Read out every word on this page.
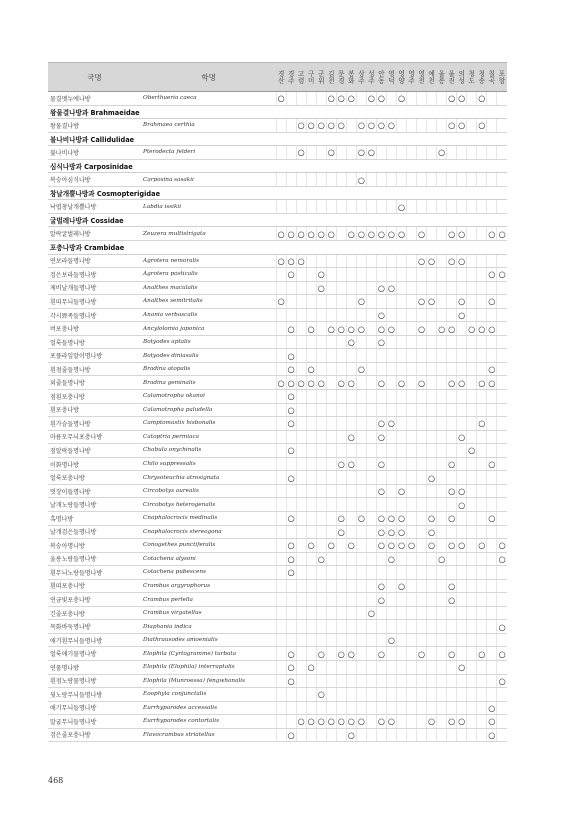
국명	학명	경산	경주	고령	구미	군위	김천	문경	봉화	상주	성주	안동	영덕	영양	영주	영천	예천	울릉	울진	의성	청도	청송	칠곡	포항
물결멧누에나방	Oberthueria caeca	○					○	○	○		○	○		○					○	○		○		
왕물결나방과 Brahmaeidae																								
왕물결나방	Brahmaea certhia			○	○	○	○	○		○	○	○	○						○	○		○		
불나비나방과 Callidulidae																								
불나비나방	Pterodecta felderi			○			○			○	○							○						
심식나방과 Carposinidae																								
복숭아심식나방	Carposina sasakii									○														
창날개뿔나방과 Cosmopterigidae																								
낙엽창날개뿔나방	Labdia issikii													○										
굴벌레나방과 Cossidae																								
알락굴벌레나방	Zeuzera multistrigata	○	○	○	○	○	○		○	○	○	○	○	○		○			○	○			○	○
포충나방과 Crambidae																								
연보라들명나방	Agrotera nemoralis	○	○	○												○	○		○	○				
검은보라들명나방	Agrotera posticalis		○			○																	○	○
제비날개들명나방	Analthes maculalis					○						○	○											
흰띠무늬들명나방	Analthes semitritalis	○								○						○	○			○			○	
각시뾰족들명나방	Anania verbascalis											○								○				
버포충나방	Ancylolomia japonica		○		○		○	○	○	○		○	○			○		○	○		○	○	○	
얼룩들명나방	Botyodes aptalis								○			○												
포플라잎말이명나방	Botyodes diniasalis		○																					
흰점줄들명나방	Bradina atopalis		○		○					○													○	
외줄들명나방	Bradina geminalis	○	○	○	○	○		○	○			○		○		○			○	○		○	○	
점흰포충나방	Calamotropha okanoi		○																					
흰포충나방	Calamotropha paludella		○																					
흰가슴들명나방	Camptomastix hisbonalis		○									○	○									○		
마름모무늬포충나방	Catoptria permiaca								○			○								○				
점알락들명나방	Chabula onychinalis		○																		○			
이화명나방	Chilo suppressalis							○	○			○							○				○	
얼룩포충나방	Chrysoteuchia atrosignata		○														○							
멋장이들명나방	Circobotys aurealis											○		○					○	○				
날개노랑들명나방	Circobotys heterogenalis																			○				
혹명나방	Cnaphalocrocis medinalis		○					○		○		○	○	○			○		○				○	
날개검은들명나방	Cnaphalocrocis stereogona							○				○	○	○			○							
복숭아명나방	Conogethes punctiferalis		○		○		○		○			○	○	○	○		○		○	○		○		○
울릉노랑들명나방	Cotachena alysoni		○			○							○					○						○
흰무늬노랑들명나방	Cotachena pubescens		○																					
흰띠포충나방	Crambus argyrophorus											○		○					○					
연금빛포충나방	Crambus perlella											○							○					
긴줄포충나방	Crambus virgatellus										○													
목화바둑명나방	Diaphania indica																							○
애기흰무늬들명나방	Diathrausodes amoenialis												○											
얼룩애기물명나방	Elophila (Cyrtogramme) turbata		○			○		○	○			○				○			○			○		○
연물명나방	Elophila (Elophila) interruptalis		○		○															○				
흰점노랑물명나방	Elophila (Munroessa) fengwhanalis		○																					○
뒷노랑무늬들명나방	Eoophyla conjunctalis					○																		
애기무늬들명나방	Eurrhyparodes accessalis																						○	
말굽무늬들명나방	Eurrhyparodes contortalis			○	○	○	○	○	○	○		○	○				○		○	○			○	
검은줄포충나방	Flavocrambus striatellus		○						○														○	
468
